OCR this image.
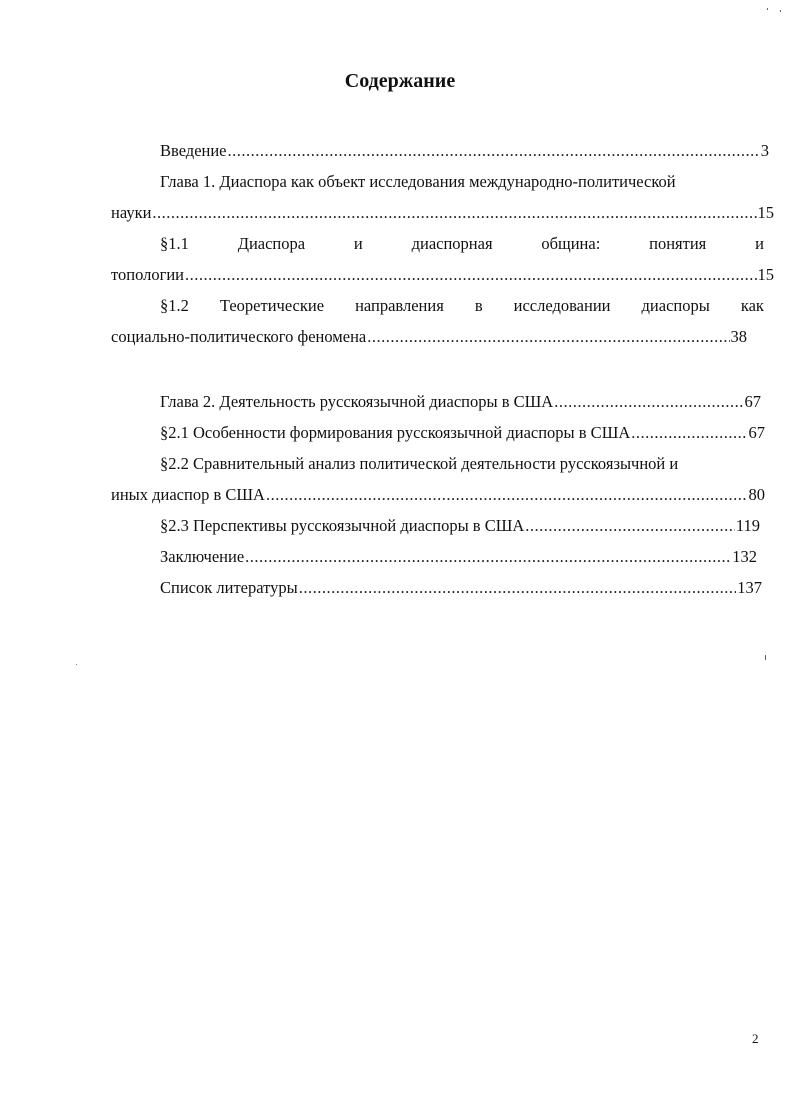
Содержание
Введение .....	3
Глава 1. Диаспора как объект исследования международно-политической
науки .....	15
§1.1	Диаспора	и	диаспорная	община:	понятия	и
топологии .....	15
§1.2 Теоретические направления в исследовании диаспоры как
социально-политического феномена .....	38
Глава 2. Деятельность русскоязычной диаспоры в США .....	67
§2.1 Особенности формирования русскоязычной диаспоры в США .....	67
§2.2 Сравнительный анализ политической деятельности русскоязычной и
иных диаспор в США .....	80
§2.3 Перспективы русскоязычной диаспоры в США .....	119
Заключение .....	132
Список литературы .....	137
2
